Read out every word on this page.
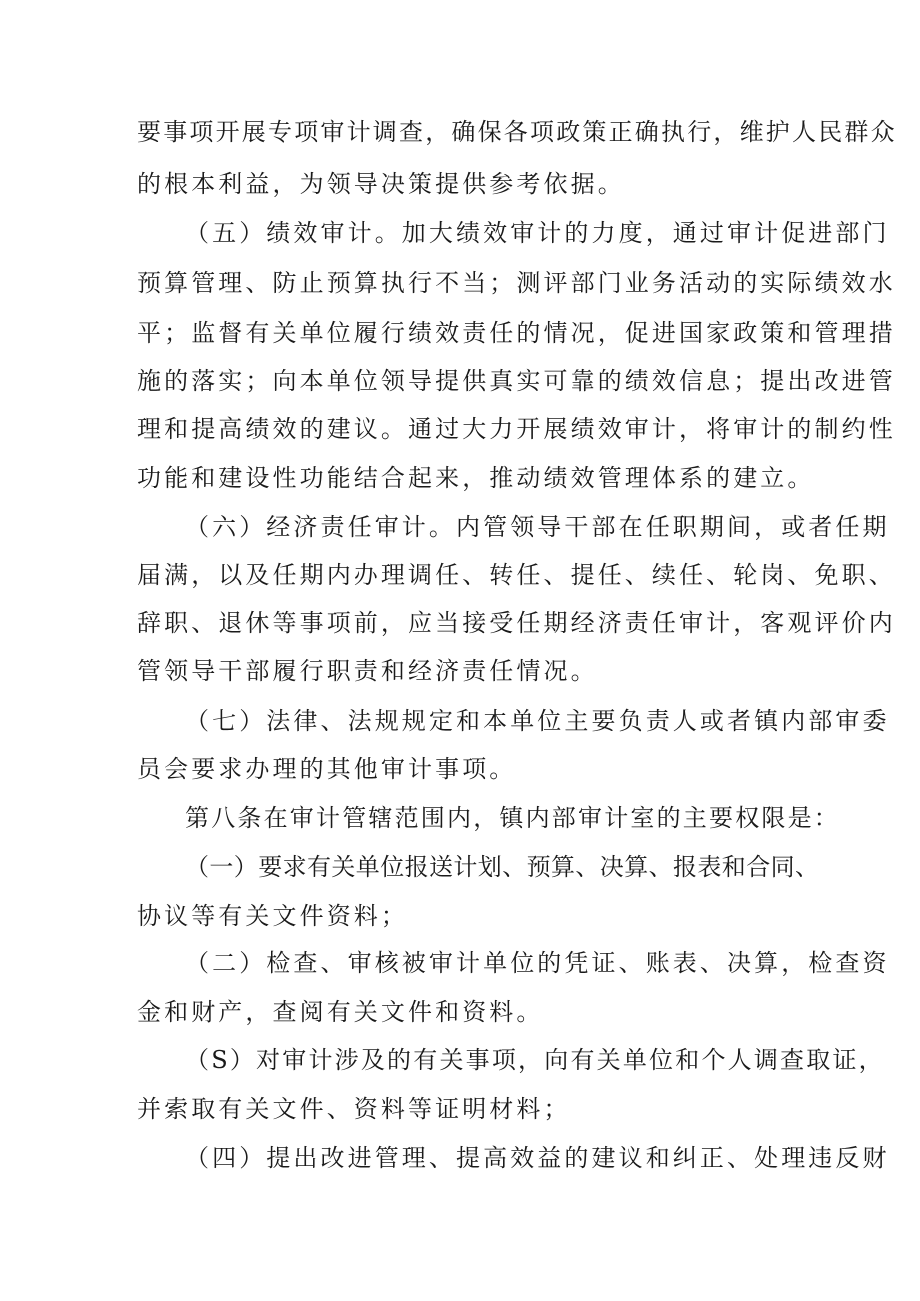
要事项开展专项审计调查，确保各项政策正确执行，维护人民群众
的根本利益，为领导决策提供参考依据。
（五）绩效审计。加大绩效审计的力度，通过审计促进部门
预算管理、防止预算执行不当；测评部门业务活动的实际绩效水
平；监督有关单位履行绩效责任的情况，促进国家政策和管理措
施的落实；向本单位领导提供真实可靠的绩效信息；提出改进管
理和提高绩效的建议。通过大力开展绩效审计，将审计的制约性
功能和建设性功能结合起来，推动绩效管理体系的建立。
（六）经济责任审计。内管领导干部在任职期间，或者任期
届满，以及任期内办理调任、转任、提任、续任、轮岗、免职、
辞职、退休等事项前，应当接受任期经济责任审计，客观评价内
管领导干部履行职责和经济责任情况。
（七）法律、法规规定和本单位主要负责人或者镇内部审委
员会要求办理的其他审计事项。
第八条在审计管辖范围内，镇内部审计室的主要权限是：
（一）要求有关单位报送计划、预算、决算、报表和合同、
协议等有关文件资料；
（二）检查、审核被审计单位的凭证、账表、决算，检查资
金和财产，查阅有关文件和资料。
（S）对审计涉及的有关事项，向有关单位和个人调查取证，
并索取有关文件、资料等证明材料；
（四）提出改进管理、提高效益的建议和纠正、处理违反财
